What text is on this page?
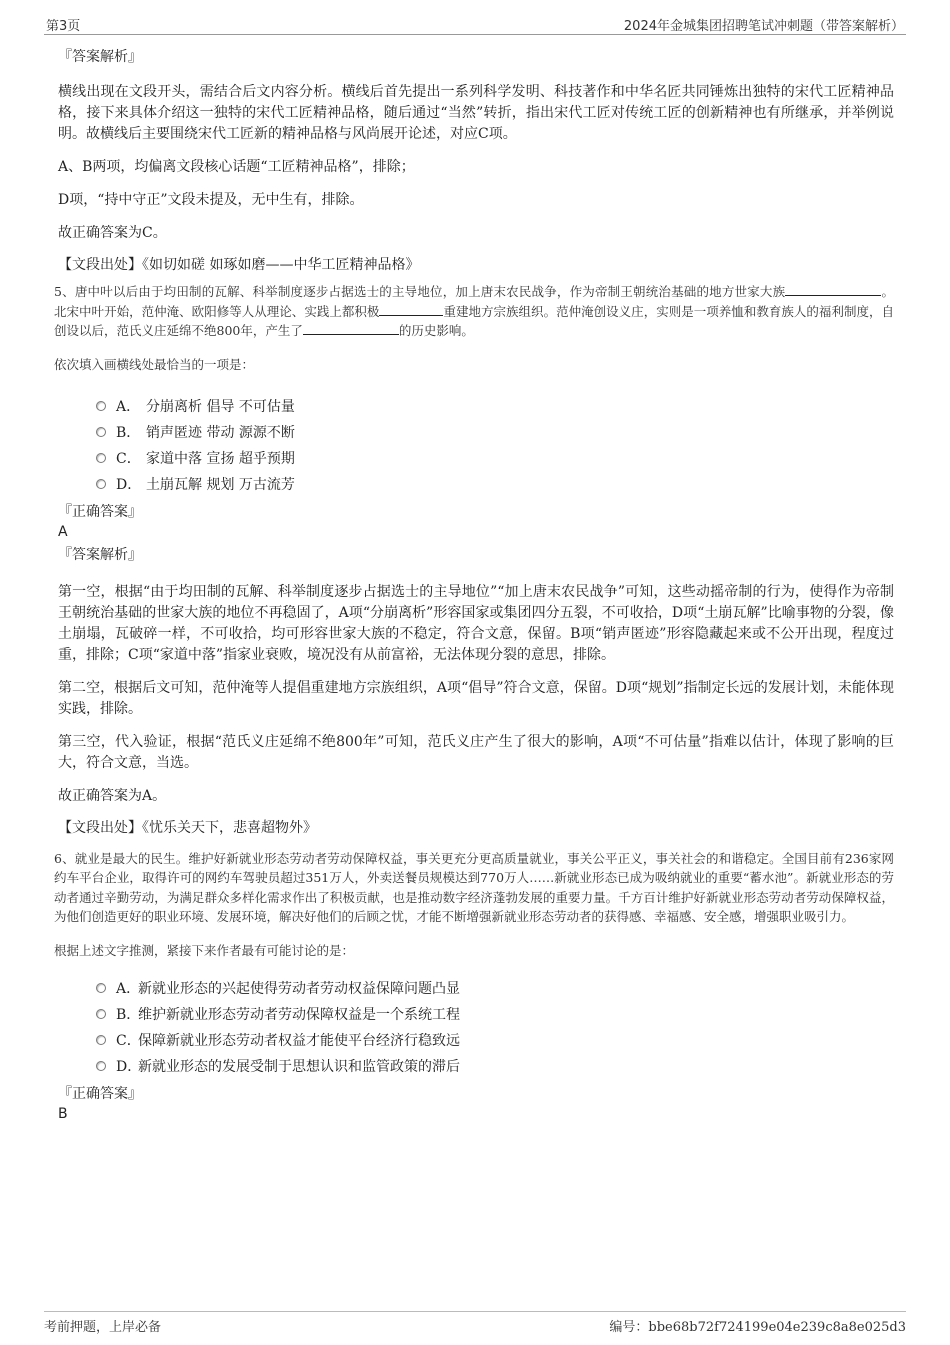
第3页	2024年金城集团招聘笔试冲刺题（带答案解析）
『答案解析』
横线出现在文段开头，需结合后文内容分析。横线后首先提出一系列科学发明、科技著作和中华名匠共同锤炼出独特的宋代工匠精神品格，接下来具体介绍这一独特的宋代工匠精神品格，随后通过“当然”转折，指出宋代工匠对传统工匠的创新精神也有所继承，并举例说明。故横线后主要围绕宋代工匠新的精神品格与风尚展开论述，对应C项。
A、B两项，均偏离文段核心话题“工匠精神品格”，排除；
D项，“持中守正”文段未提及，无中生有，排除。
故正确答案为C。
【文段出处】《如切如磋 如琢如磨——中华工匠精神品格》
5、唐中叶以后由于均田制的瓦解、科举制度逐步占据选士的主导地位，加上唐末农民战争，作为帝制王朝统治基础的地方世家大族	。北宋中叶开始，范仲淹、欧阳修等人从理论、实践上都积极	重建地方宗族组织。范仲淹创设义庄，实则是一项养恤和教育族人的福利制度，自创设以后，范氏义庄延绵不绝800年，产生了	的历史影响。
依次填入画横线处最恰当的一项是：
A． 分崩离析 倡导 不可估量
B． 销声匿迹 带动 源源不断
C． 家道中落 宣扬 超乎预期
D． 土崩瓦解 规划 万古流芳
『正确答案』
A
『答案解析』
第一空，根据“由于均田制的瓦解、科举制度逐步占据选士的主导地位”“加上唐末农民战争”可知，这些动摇帝制的行为，使得作为帝制王朝统治基础的世家大族的地位不再稳固了，A项“分崩离析”形容国家或集团四分五裂，不可收拾，D项“土崩瓦解”比喻事物的分裂，像土崩塌，瓦破碎一样，不可收拾，均可形容世家大族的不稳定，符合文意，保留。B项“销声匿迹”形容隐藏起来或不公开出现，程度过重，排除；C项“家道中落”指家业衰败，境况没有从前富裕，无法体现分裂的意思，排除。
第二空，根据后文可知，范仲淹等人提倡重建地方宗族组织，A项“倡导”符合文意，保留。D项“规划”指制定长远的发展计划，未能体现实践，排除。
第三空，代入验证，根据“范氏义庄延绵不绝800年”可知，范氏义庄产生了很大的影响，A项“不可估量”指难以估计，体现了影响的巨大，符合文意，当选。
故正确答案为A。
【文段出处】《忧乐关天下，悲喜超物外》
6、就业是最大的民生。维护好新就业形态劳动者劳动保障权益，事关更充分更高质量就业，事关公平正义，事关社会的和谐稳定。全国目前有236家网约车平台企业，取得许可的网约车驾驶员超过351万人，外卖送餐员规模达到770万人……新就业形态已成为吸纳就业的重要“蓄水池”。新就业形态的劳动者通过辛勤劳动，为满足群众多样化需求作出了积极贡献，也是推动数字经济蓬勃发展的重要力量。千方百计维护好新就业形态劳动者劳动保障权益，为他们创造更好的职业环境、发展环境，解决好他们的后顾之忧，才能不断增强新就业形态劳动者的获得感、幸福感、安全感，增强职业吸引力。
根据上述文字推测，紧接下来作者最有可能讨论的是：
A．
新就业形态的兴起使得劳动者劳动权益保障问题凸显
B．
维护新就业形态劳动者劳动保障权益是一个系统工程
C．
保障新就业形态劳动者权益才能使平台经济行稳致远
D．
新就业形态的发展受制于思想认识和监管政策的滞后
『正确答案』
B
考前押题，上岸必备	编号：bbe68b72f724199e04e239c8a8e025d3
